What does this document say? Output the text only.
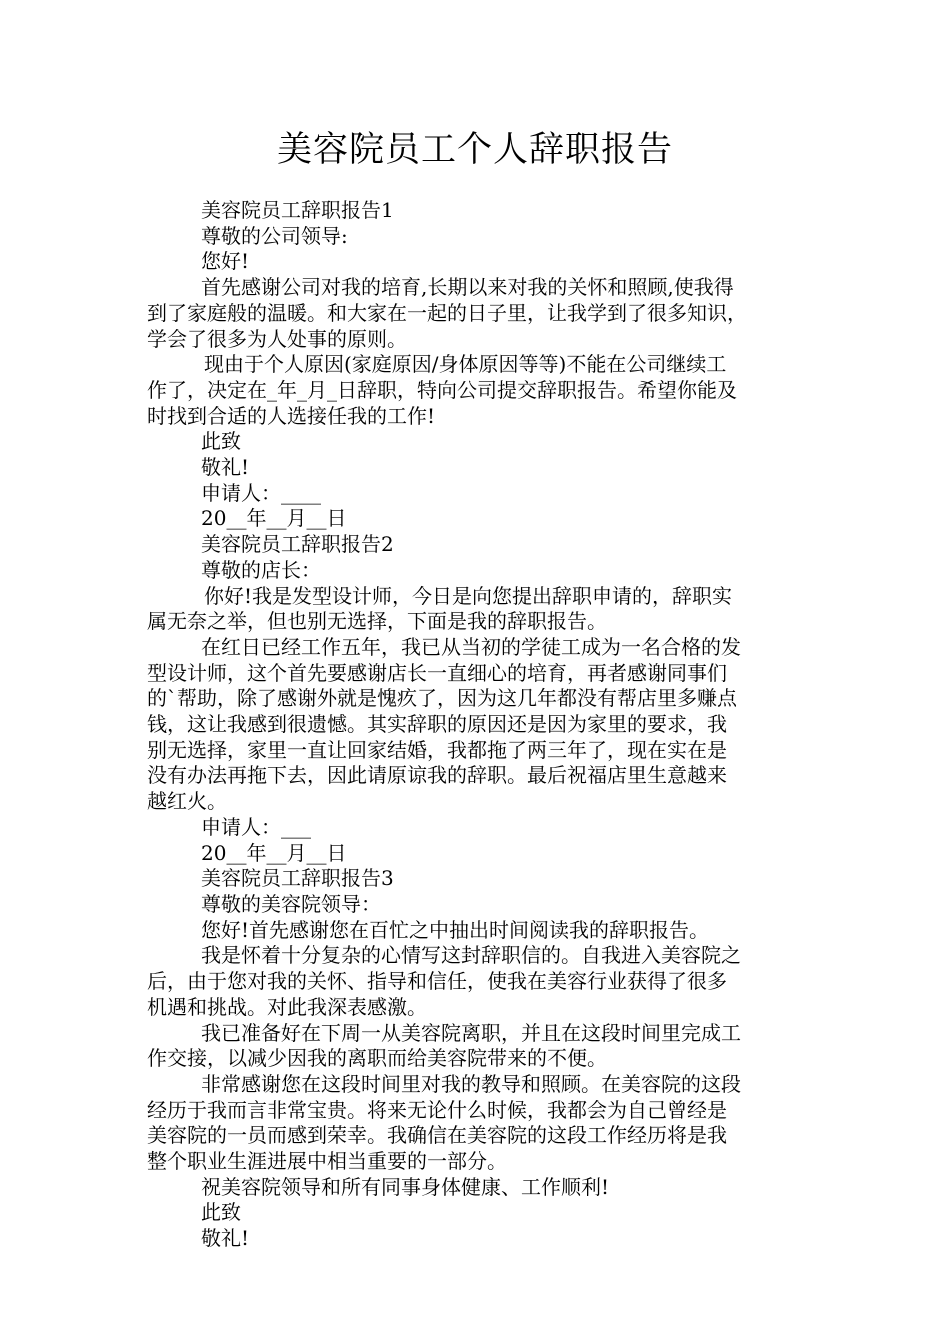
美容院员工个人辞职报告

美容院员工辞职报告1

尊敬的公司领导:

您好!

首先感谢公司对我的培育,长期以来对我的关怀和照顾,使我得

到了家庭般的温暖。和大家在一起的日子里，让我学到了很多知识，

学会了很多为人处事的原则。

现由于个人原因(家庭原因/身体原因等等)不能在公司继续工

作了，决定在_年_月_日辞职，特向公司提交辞职报告。希望你能及

时找到合适的人选接任我的工作!

此致

敬礼!

申请人：____

20__年__月__日

美容院员工辞职报告2

尊敬的店长：

你好!我是发型设计师，今日是向您提出辞职申请的，辞职实

属无奈之举，但也别无选择，下面是我的辞职报告。

在红日已经工作五年，我已从当初的学徒工成为一名合格的发

型设计师，这个首先要感谢店长一直细心的培育，再者感谢同事们

的`帮助，除了感谢外就是愧疚了，因为这几年都没有帮店里多赚点

钱，这让我感到很遗憾。其实辞职的原因还是因为家里的要求，我

别无选择，家里一直让回家结婚，我都拖了两三年了，现在实在是

没有办法再拖下去，因此请原谅我的辞职。最后祝福店里生意越来

越红火。

申请人：___

20__年__月__日

美容院员工辞职报告3

尊敬的美容院领导：

您好!首先感谢您在百忙之中抽出时间阅读我的辞职报告。

我是怀着十分复杂的心情写这封辞职信的。自我进入美容院之

后，由于您对我的关怀、指导和信任，使我在美容行业获得了很多

机遇和挑战。对此我深表感激。

我已准备好在下周一从美容院离职，并且在这段时间里完成工

作交接，以减少因我的离职而给美容院带来的不便。

非常感谢您在这段时间里对我的教导和照顾。在美容院的这段

经历于我而言非常宝贵。将来无论什么时候，我都会为自己曾经是

美容院的一员而感到荣幸。我确信在美容院的这段工作经历将是我

整个职业生涯进展中相当重要的一部分。

祝美容院领导和所有同事身体健康、工作顺利!

此致

敬礼!
